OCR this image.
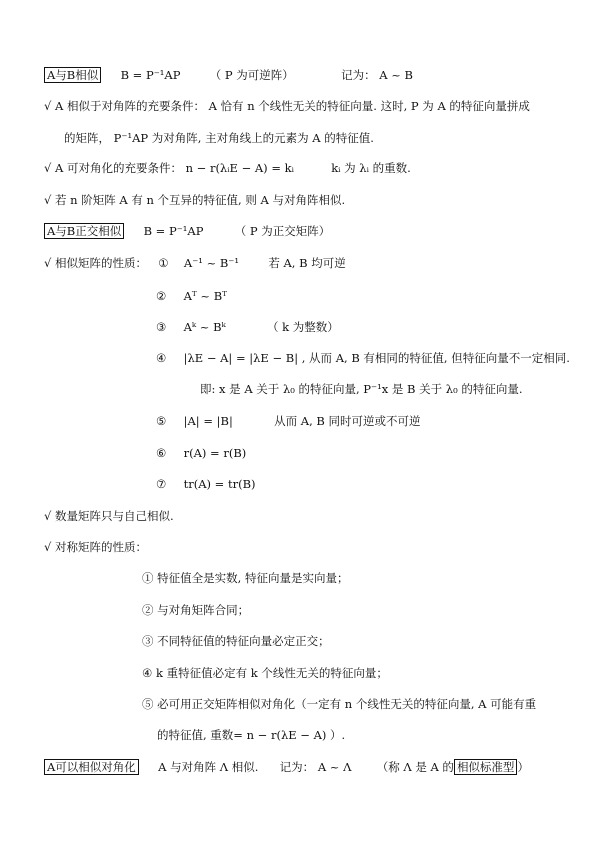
A与B相似 B = P⁻¹AP	（ P 为可逆阵）	记为： A ~ B
√ A 相似于对角阵的充要条件： A 恰有 n 个线性无关的特征向量. 这时, P 为 A 的特征向量拼成
的矩阵， P⁻¹AP 为对角阵, 主对角线上的元素为 A 的特征值.
√ A 可对角化的充要条件： n − r(λᵢE − A) = kᵢ	kᵢ 为 λᵢ 的重数.
√ 若 n 阶矩阵 A 有 n 个互异的特征值, 则 A 与对角阵相似.
A与B正交相似 B = P⁻¹AP	（ P 为正交矩阵）
√ 相似矩阵的性质： ① A⁻¹ ~ B⁻¹	若 A, B 均可逆
② Aᵀ ~ Bᵀ
③ Aᵏ ~ Bᵏ	（ k 为整数）
④ |λE − A| = |λE − B| , 从而 A, B 有相同的特征值, 但特征向量不一定相同.
即: x 是 A 关于 λ₀ 的特征向量, P⁻¹x 是 B 关于 λ₀ 的特征向量.
⑤ |A| = |B|	从而 A, B 同时可逆或不可逆
⑥ r(A) = r(B)
⑦ tr(A) = tr(B)
√ 数量矩阵只与自己相似.
√ 对称矩阵的性质：
① 特征值全是实数, 特征向量是实向量；
② 与对角矩阵合同；
③ 不同特征值的特征向量必定正交；
④ k 重特征值必定有 k 个线性无关的特征向量；
⑤ 必可用正交矩阵相似对角化（一定有 n 个线性无关的特征向量, A 可能有重
的特征值, 重数= n − r(λE − A) ）.
A可以相似对角化 A 与对角阵 Λ 相似. 记为： A ~ Λ （称 Λ 是 A 的 相似标准型 ）
